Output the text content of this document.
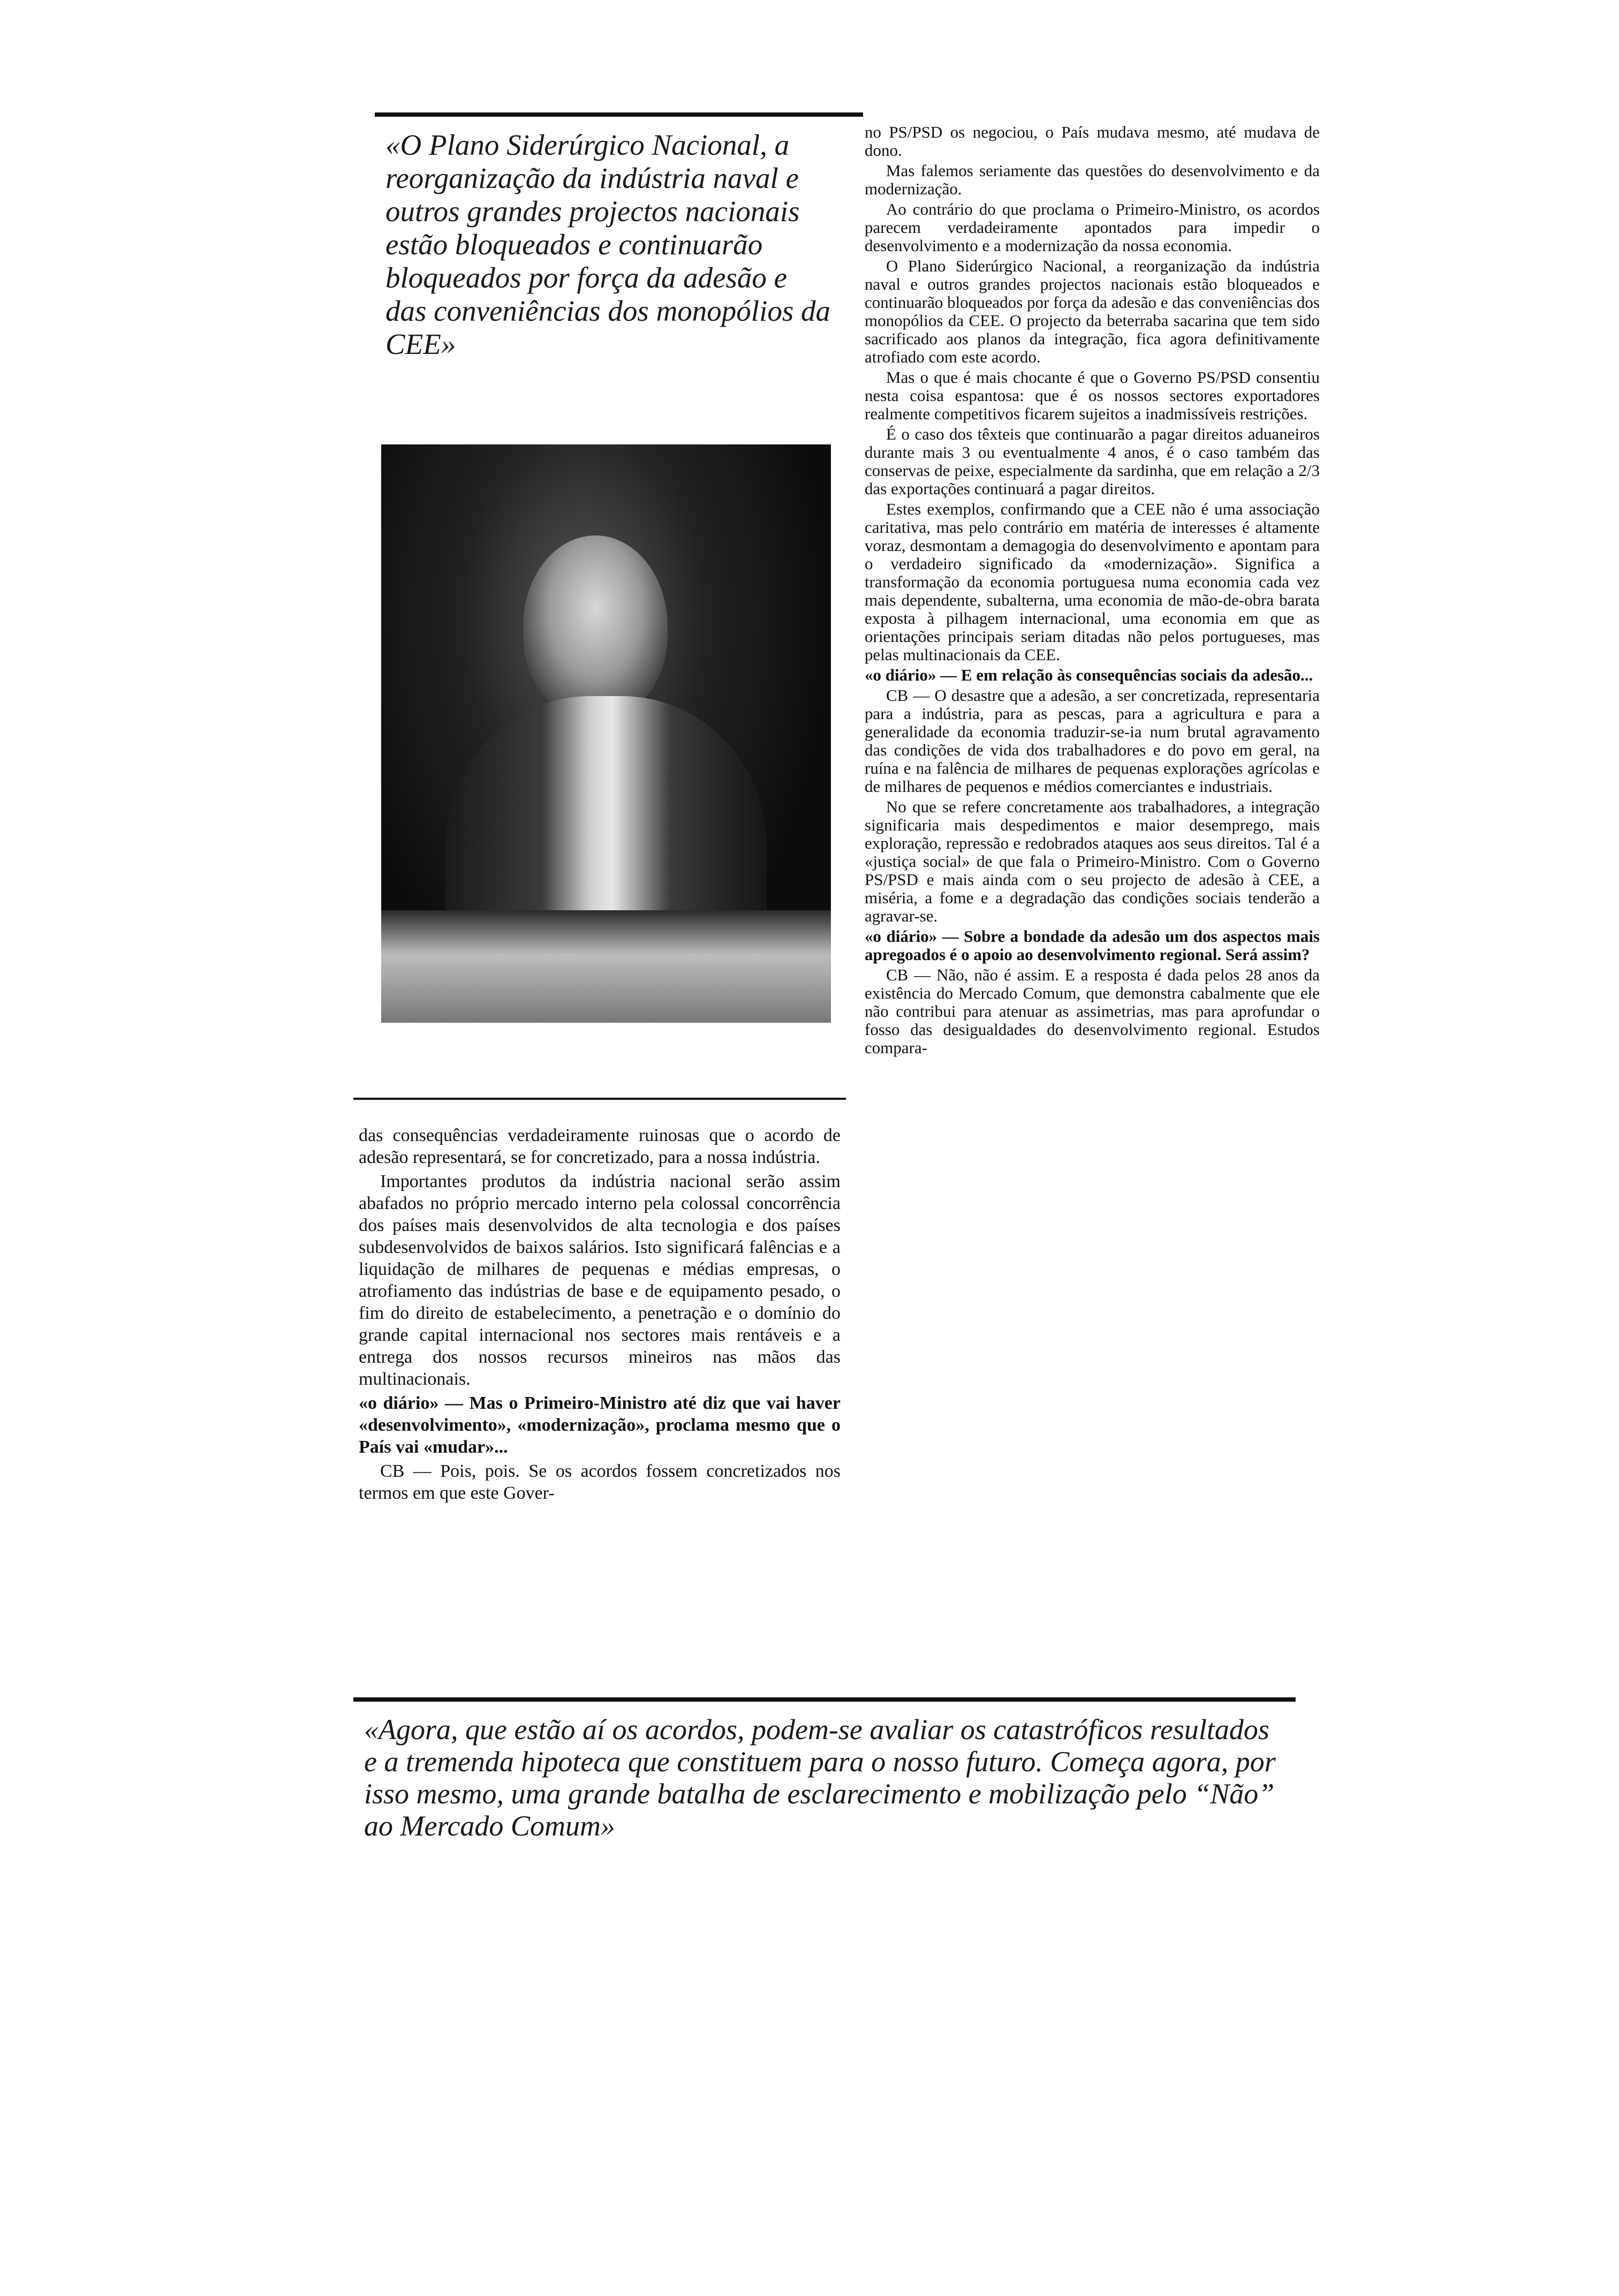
«O Plano Siderúrgico Nacional, a reorganização da indústria naval e outros grandes projectos nacionais estão bloqueados e continuarão bloqueados por força da adesão e das conveniências dos monopólios da CEE»

das consequências verdadeiramente ruinosas que o acordo de adesão representará, se for concretizado, para a nossa indústria.

Importantes produtos da indústria nacional serão assim abafados no próprio mercado interno pela colossal concorrência dos países mais desenvolvidos de alta tecnologia e dos países subdesenvolvidos de baixos salários. Isto significará falências e a liquidação de milhares de pequenas e médias empresas, o atrofiamento das indústrias de base e de equipamento pesado, o fim do direito de estabelecimento, a penetração e o domínio do grande capital internacional nos sectores mais rentáveis e a entrega dos nossos recursos mineiros nas mãos das multinacionais.

«o diário» — Mas o Primeiro-Ministro até diz que vai haver «desenvolvimento», «modernização», proclama mesmo que o País vai «mudar»...

CB — Pois, pois. Se os acordos fossem concretizados nos termos em que este Gover-

no PS/PSD os negociou, o País mudava mesmo, até mudava de dono.

Mas falemos seriamente das questões do desenvolvimento e da modernização.

Ao contrário do que proclama o Primeiro-Ministro, os acordos parecem verdadeiramente apontados para impedir o desenvolvimento e a modernização da nossa economia.

O Plano Siderúrgico Nacional, a reorganização da indústria naval e outros grandes projectos nacionais estão bloqueados e continuarão bloqueados por força da adesão e das conveniências dos monopólios da CEE. O projecto da beterraba sacarina que tem sido sacrificado aos planos da integração, fica agora definitivamente atrofiado com este acordo.

Mas o que é mais chocante é que o Governo PS/PSD consentiu nesta coisa espantosa: que é os nossos sectores exportadores realmente competitivos ficarem sujeitos a inadmissíveis restrições.

É o caso dos têxteis que continuarão a pagar direitos aduaneiros durante mais 3 ou eventualmente 4 anos, é o caso também das conservas de peixe, especialmente da sardinha, que em relação a 2/3 das exportações continuará a pagar direitos.

Estes exemplos, confirmando que a CEE não é uma associação caritativa, mas pelo contrário em matéria de interesses é altamente voraz, desmontam a demagogia do desenvolvimento e apontam para o verdadeiro significado da «modernização». Significa a transformação da economia portuguesa numa economia cada vez mais dependente, subalterna, uma economia de mão-de-obra barata exposta à pilhagem internacional, uma economia em que as orientações principais seriam ditadas não pelos portugueses, mas pelas multinacionais da CEE.

«o diário» — E em relação às consequências sociais da adesão...

CB — O desastre que a adesão, a ser concretizada, representaria para a indústria, para as pescas, para a agricultura e para a generalidade da economia traduzir-se-ia num brutal agravamento das condições de vida dos trabalhadores e do povo em geral, na ruína e na falência de milhares de pequenas explorações agrícolas e de milhares de pequenos e médios comerciantes e industriais.

No que se refere concretamente aos trabalhadores, a integração significaria mais despedimentos e maior desemprego, mais exploração, repressão e redobrados ataques aos seus direitos. Tal é a «justiça social» de que fala o Primeiro-Ministro. Com o Governo PS/PSD e mais ainda com o seu projecto de adesão à CEE, a miséria, a fome e a degradação das condições sociais tenderão a agravar-se.

«o diário» — Sobre a bondade da adesão um dos aspectos mais apregoados é o apoio ao desenvolvimento regional. Será assim?

CB — Não, não é assim. E a resposta é dada pelos 28 anos da existência do Mercado Comum, que demonstra cabalmente que ele não contribui para atenuar as assimetrias, mas para aprofundar o fosso das desigualdades do desenvolvimento regional. Estudos compara-

«Agora, que estão aí os acordos, podem-se avaliar os catastróficos resultados e a tremenda hipoteca que constituem para o nosso futuro. Começa agora, por isso mesmo, uma grande batalha de esclarecimento e mobilização pelo “Não” ao Mercado Comum»
